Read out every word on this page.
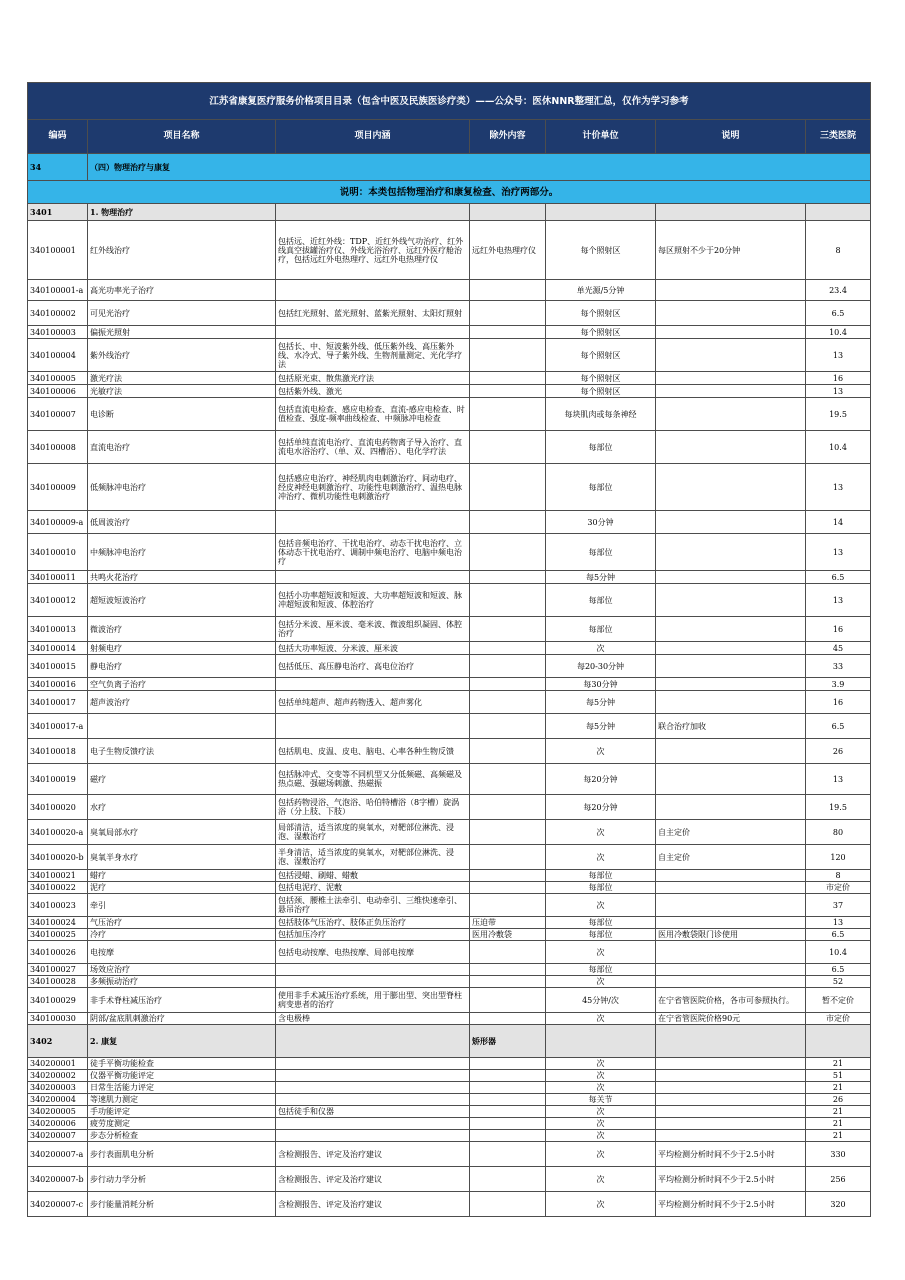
江苏省康复医疗服务价格项目目录（包含中医及民族医诊疗类）——公众号：医休NNR整理汇总，仅作为学习参考						
编码	项目名称	项目内涵	除外内容	计价单位	说明	三类医院
34	（四）物理治疗与康复					
说明：本类包括物理治疗和康复检查、治疗两部分。						
3401	1. 物理治疗					
340100001	红外线治疗	包括远、近红外线：TDP、近红外线气功治疗、红外线真空拔罐治疗仪、外线光浴治疗、远红外医疗舱治疗，包括远红外电热理疗、远红外电热理疗仪	远红外电热理疗仪	每个照射区	每区照射不少于20分钟	8
340100001-a	高光功率光子治疗			单光源/5分钟		23.4
340100002	可见光治疗	包括红光照射、蓝光照射、蓝紫光照射、太阳灯照射		每个照射区		6.5
340100003	偏振光照射			每个照射区		10.4
340100004	紫外线治疗	包括长、中、短波紫外线、低压紫外线、高压紫外线、水冷式、导子紫外线、生物剂量测定、光化学疗法		每个照射区		13
340100005	激光疗法	包括原光束、散焦激光疗法		每个照射区		16
340100006	光敏疗法	包括紫外线、激光		每个照射区		13
340100007	电诊断	包括直流电检查、感应电检查、直流-感应电检查、时值检查、强度-频率曲线检查、中频脉冲电检查		每块肌肉或每条神经		19.5
340100008	直流电治疗	包括单纯直流电治疗、直流电药物离子导入治疗、直流电水浴治疗、（单、双、四槽浴）、电化学疗法		每部位		10.4
340100009	低频脉冲电治疗	包括感应电治疗、神经肌肉电刺激治疗、间动电疗、经皮神经电刺激治疗、功能性电刺激治疗、温热电脉冲治疗、微机功能性电刺激治疗		每部位		13
340100009-a	低周波治疗			30分钟		14
340100010	中频脉冲电治疗	包括音频电治疗、干扰电治疗、动态干扰电治疗、立体动态干扰电治疗、调制中频电治疗、电脑中频电治疗		每部位		13
340100011	共鸣火花治疗			每5分钟		6.5
340100012	超短波短波治疗	包括小功率超短波和短波、大功率超短波和短波、脉冲超短波和短波、体腔治疗		每部位		13
340100013	微波治疗	包括分米波、厘米波、毫米波、微波组织凝固、体腔治疗		每部位		16
340100014	射频电疗	包括大功率短波、分米波、厘米波		次		45
340100015	静电治疗	包括低压、高压静电治疗、高电位治疗		每20-30分钟		33
340100016	空气负离子治疗			每30分钟		3.9
340100017	超声波治疗	包括单纯超声、超声药物透入、超声雾化		每5分钟		16
340100017-a				每5分钟	联合治疗加收	6.5
340100018	电子生物反馈疗法	包括肌电、皮温、皮电、脑电、心率各种生物反馈		次		26
340100019	磁疗	包括脉冲式、交变等不同机型又分低频磁、高频磁及热点磁、强磁场刺激、热磁振		每20分钟		13
340100020	水疗	包括药物浸浴、气泡浴、哈伯特槽浴（8字槽）旋涡浴（分上肢、下肢）		每20分钟		19.5
340100020-a	臭氧局部水疗	局部清洁，适当浓度的臭氧水，对靶部位淋洗、浸泡、湿敷治疗		次	自主定价	80
340100020-b	臭氧半身水疗	半身清洁，适当浓度的臭氧水，对靶部位淋洗、浸泡、湿敷治疗		次	自主定价	120
340100021	蜡疗	包括浸蜡、刷蜡、蜡敷		每部位		8
340100022	泥疗	包括电泥疗、泥敷		每部位		市定价
340100023	牵引	包括颈、腰椎土法牵引、电动牵引、三维快速牵引、悬吊治疗		次		37
340100024	气压治疗	包括肢体气压治疗、肢体正负压治疗	压迫带	每部位		13
340100025	冷疗	包括加压冷疗	医用冷敷袋	每部位	医用冷敷袋限门诊使用	6.5
340100026	电按摩	包括电动按摩、电热按摩、局部电按摩		次		10.4
340100027	场效应治疗			每部位		6.5
340100028	多频振动治疗			次		52
340100029	非手术脊柱减压治疗	使用非手术减压治疗系统，用于膨出型、突出型脊柱病变患者的治疗		45分钟/次	在宁省管医院价格，各市可参照执行。	暂不定价
340100030	阴部/盆底肌刺激治疗	含电极棒		次	在宁省管医院价格90元	市定价
3402	2. 康复		矫形器			
340200001	徒手平衡功能检查			次		21
340200002	仪器平衡功能评定			次		51
340200003	日常生活能力评定			次		21
340200004	等速肌力测定			每关节		26
340200005	手功能评定	包括徒手和仪器		次		21
340200006	疲劳度测定			次		21
340200007	步态分析检查			次		21
340200007-a	步行表面肌电分析	含检测报告、评定及治疗建议		次	平均检测分析时间不少于2.5小时	330
340200007-b	步行动力学分析	含检测报告、评定及治疗建议		次	平均检测分析时间不少于2.5小时	256
340200007-c	步行能量消耗分析	含检测报告、评定及治疗建议		次	平均检测分析时间不少于2.5小时	320
